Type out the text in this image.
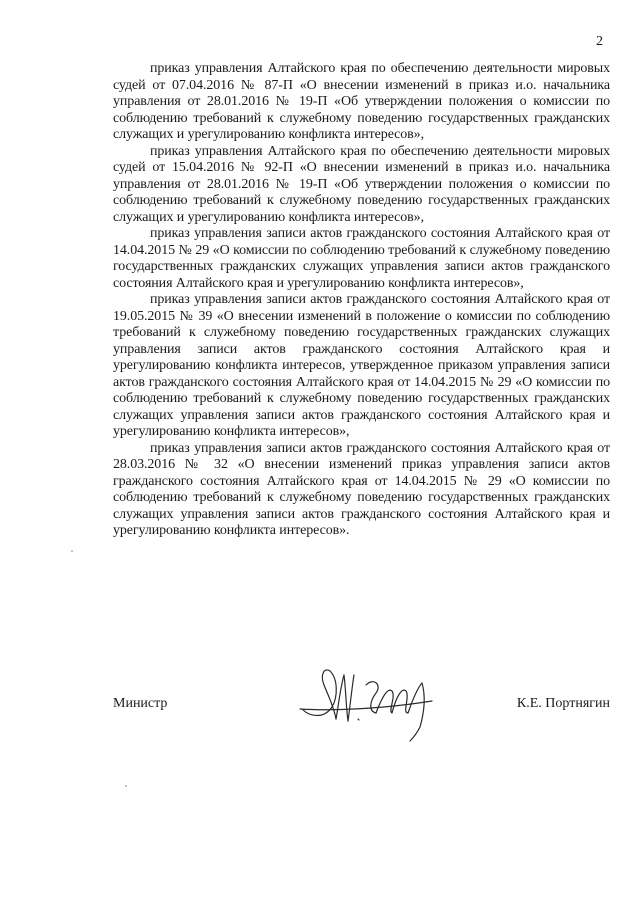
2

приказ управления Алтайского края по обеспечению деятельности мировых судей от 07.04.2016 № 87-П «О внесении изменений в приказ и.о. начальника управления от 28.01.2016 № 19-П «Об утверждении положения о комиссии по соблюдению требований к служебному поведению государственных гражданских служащих и урегулированию конфликта интересов»,

приказ управления Алтайского края по обеспечению деятельности мировых судей от 15.04.2016 № 92-П «О внесении изменений в приказ и.о. начальника управления от 28.01.2016 № 19-П «Об утверждении положения о комиссии по соблюдению требований к служебному поведению государственных гражданских служащих и урегулированию конфликта интересов»,

приказ управления записи актов гражданского состояния Алтайского края от 14.04.2015 № 29 «О комиссии по соблюдению требований к служебному поведению государственных гражданских служащих управления записи актов гражданского состояния Алтайского края и урегулированию конфликта интересов»,

приказ управления записи актов гражданского состояния Алтайского края от 19.05.2015 № 39 «О внесении изменений в положение о комиссии по соблюдению требований к служебному поведению государственных гражданских служащих управления записи актов гражданского состояния Алтайского края и урегулированию конфликта интересов, утвержденное приказом управления записи актов гражданского состояния Алтайского края от 14.04.2015 № 29 «О комиссии по соблюдению требований к служебному поведению государственных гражданских служащих управления записи актов гражданского состояния Алтайского края и урегулированию конфликта интересов»,

приказ управления записи актов гражданского состояния Алтайского края от 28.03.2016 № 32 «О внесении изменений приказ управления записи актов гражданского состояния Алтайского края от 14.04.2015 № 29 «О комиссии по соблюдению требований к служебному поведению государственных гражданских служащих управления записи актов гражданского состояния Алтайского края и урегулированию конфликта интересов».

Министр	К.Е. Портнягин
